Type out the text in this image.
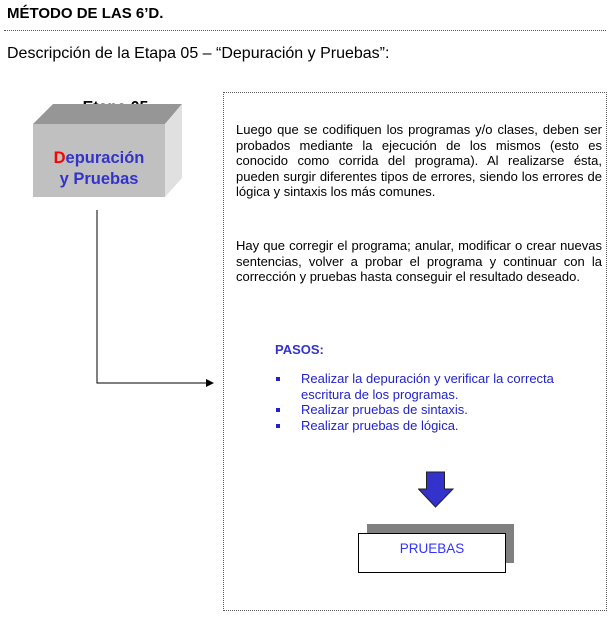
MÉTODO DE LAS 6’D.
Descripción de la Etapa 05 – “Depuración y Pruebas”:
Depuración
y Pruebas
Luego que se codifiquen los programas y/o clases, deben ser probados mediante la ejecución de los mismos (esto es conocido como corrida del programa). Al realizarse ésta, pueden surgir diferentes tipos de errores, siendo los errores de lógica y sintaxis los más comunes.
Hay que corregir el programa; anular, modificar o crear nuevas sentencias, volver a probar el programa y continuar con la corrección y pruebas hasta conseguir el resultado deseado.
PASOS:
Realizar la depuración y verificar la correcta escritura de los programas.
Realizar pruebas de sintaxis.
Realizar pruebas de lógica.
PRUEBAS
